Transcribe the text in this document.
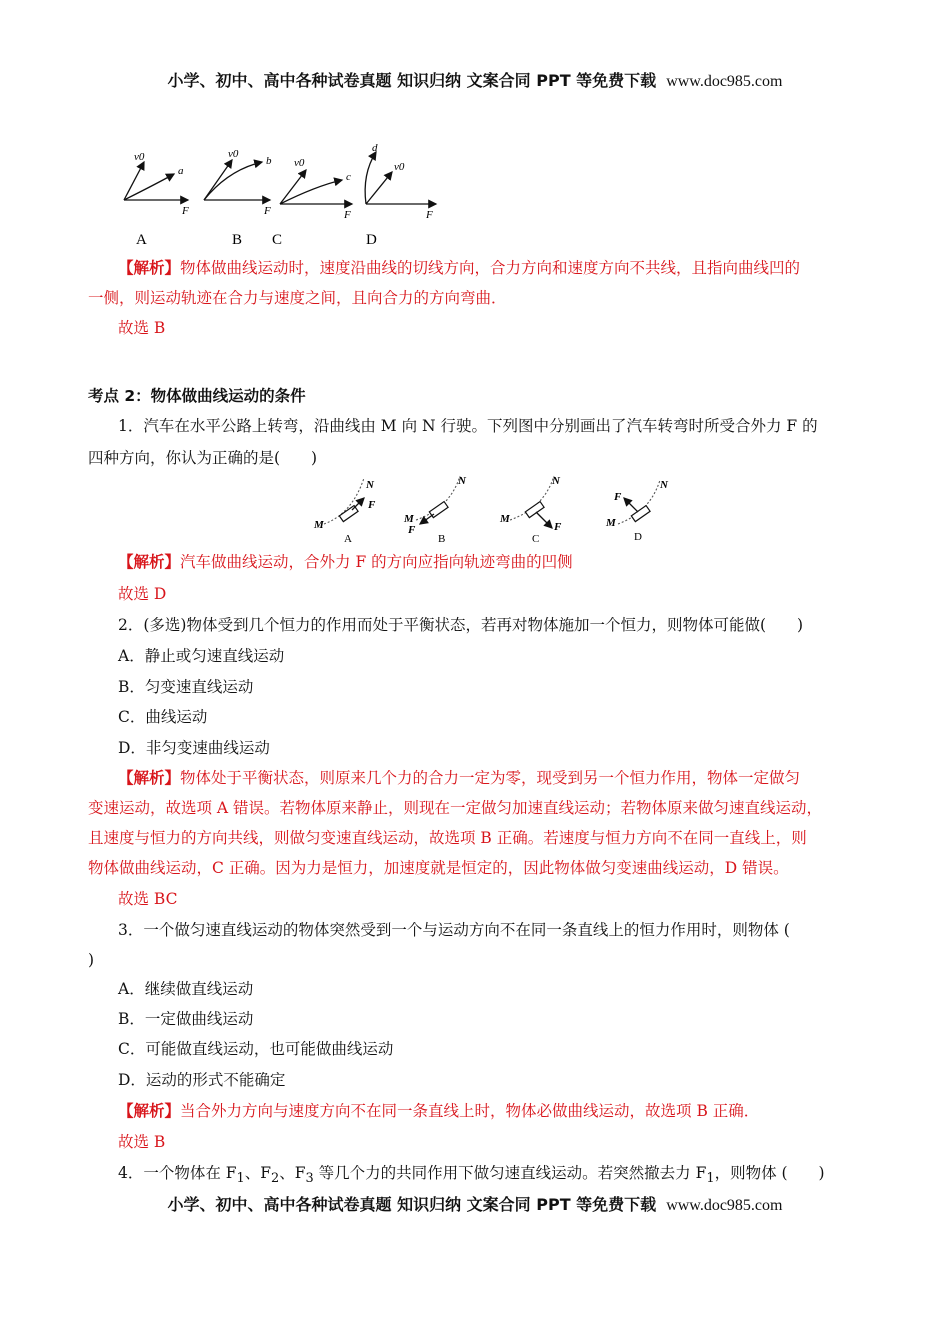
小学、初中、高中各种试卷真题 知识归纳 文案合同 PPT 等免费下载 www.doc985.com
v0
a
F
v0
b
F
v0
c
F
v0
d
F
A	B C	D
【解析】物体做曲线运动时，速度沿曲线的切线方向，合力方向和速度方向不共线，且指向曲线凹的
一侧，则运动轨迹在合力与速度之间，且向合力的方向弯曲．
故选 B
考点 2：物体做曲线运动的条件
1．汽车在水平公路上转弯，沿曲线由 M 向 N 行驶。下列图中分别画出了汽车转弯时所受合外力 F 的
四种方向，你认为正确的是(　　)
M
N
F
A
M
N
F
B
M
N
F
C
M
N
F
D
【解析】汽车做曲线运动，合外力 F 的方向应指向轨迹弯曲的凹侧
故选 D
2．(多选)物体受到几个恒力的作用而处于平衡状态，若再对物体施加一个恒力，则物体可能做(　　)
A．静止或匀速直线运动
B．匀变速直线运动
C．曲线运动
D．非匀变速曲线运动
【解析】物体处于平衡状态，则原来几个力的合力一定为零，现受到另一个恒力作用，物体一定做匀
变速运动，故选项 A 错误。若物体原来静止，则现在一定做匀加速直线运动；若物体原来做匀速直线运动，
且速度与恒力的方向共线，则做匀变速直线运动，故选项 B 正确。若速度与恒力方向不在同一直线上，则
物体做曲线运动，C 正确。因为力是恒力，加速度就是恒定的，因此物体做匀变速曲线运动，D 错误。
故选 BC
3．一个做匀速直线运动的物体突然受到一个与运动方向不在同一条直线上的恒力作用时，则物体 (
)
A．继续做直线运动
B．一定做曲线运动
C．可能做直线运动，也可能做曲线运动
D．运动的形式不能确定
【解析】当合外力方向与速度方向不在同一条直线上时，物体必做曲线运动，故选项 B 正确．
故选 B
4．一个物体在 $F_1$、$F_2$、$F_3$ 等几个力的共同作用下做匀速直线运动。若突然撤去力 $F_1$，则物体 (　　)
小学、初中、高中各种试卷真题 知识归纳 文案合同 PPT 等免费下载 www.doc985.com
